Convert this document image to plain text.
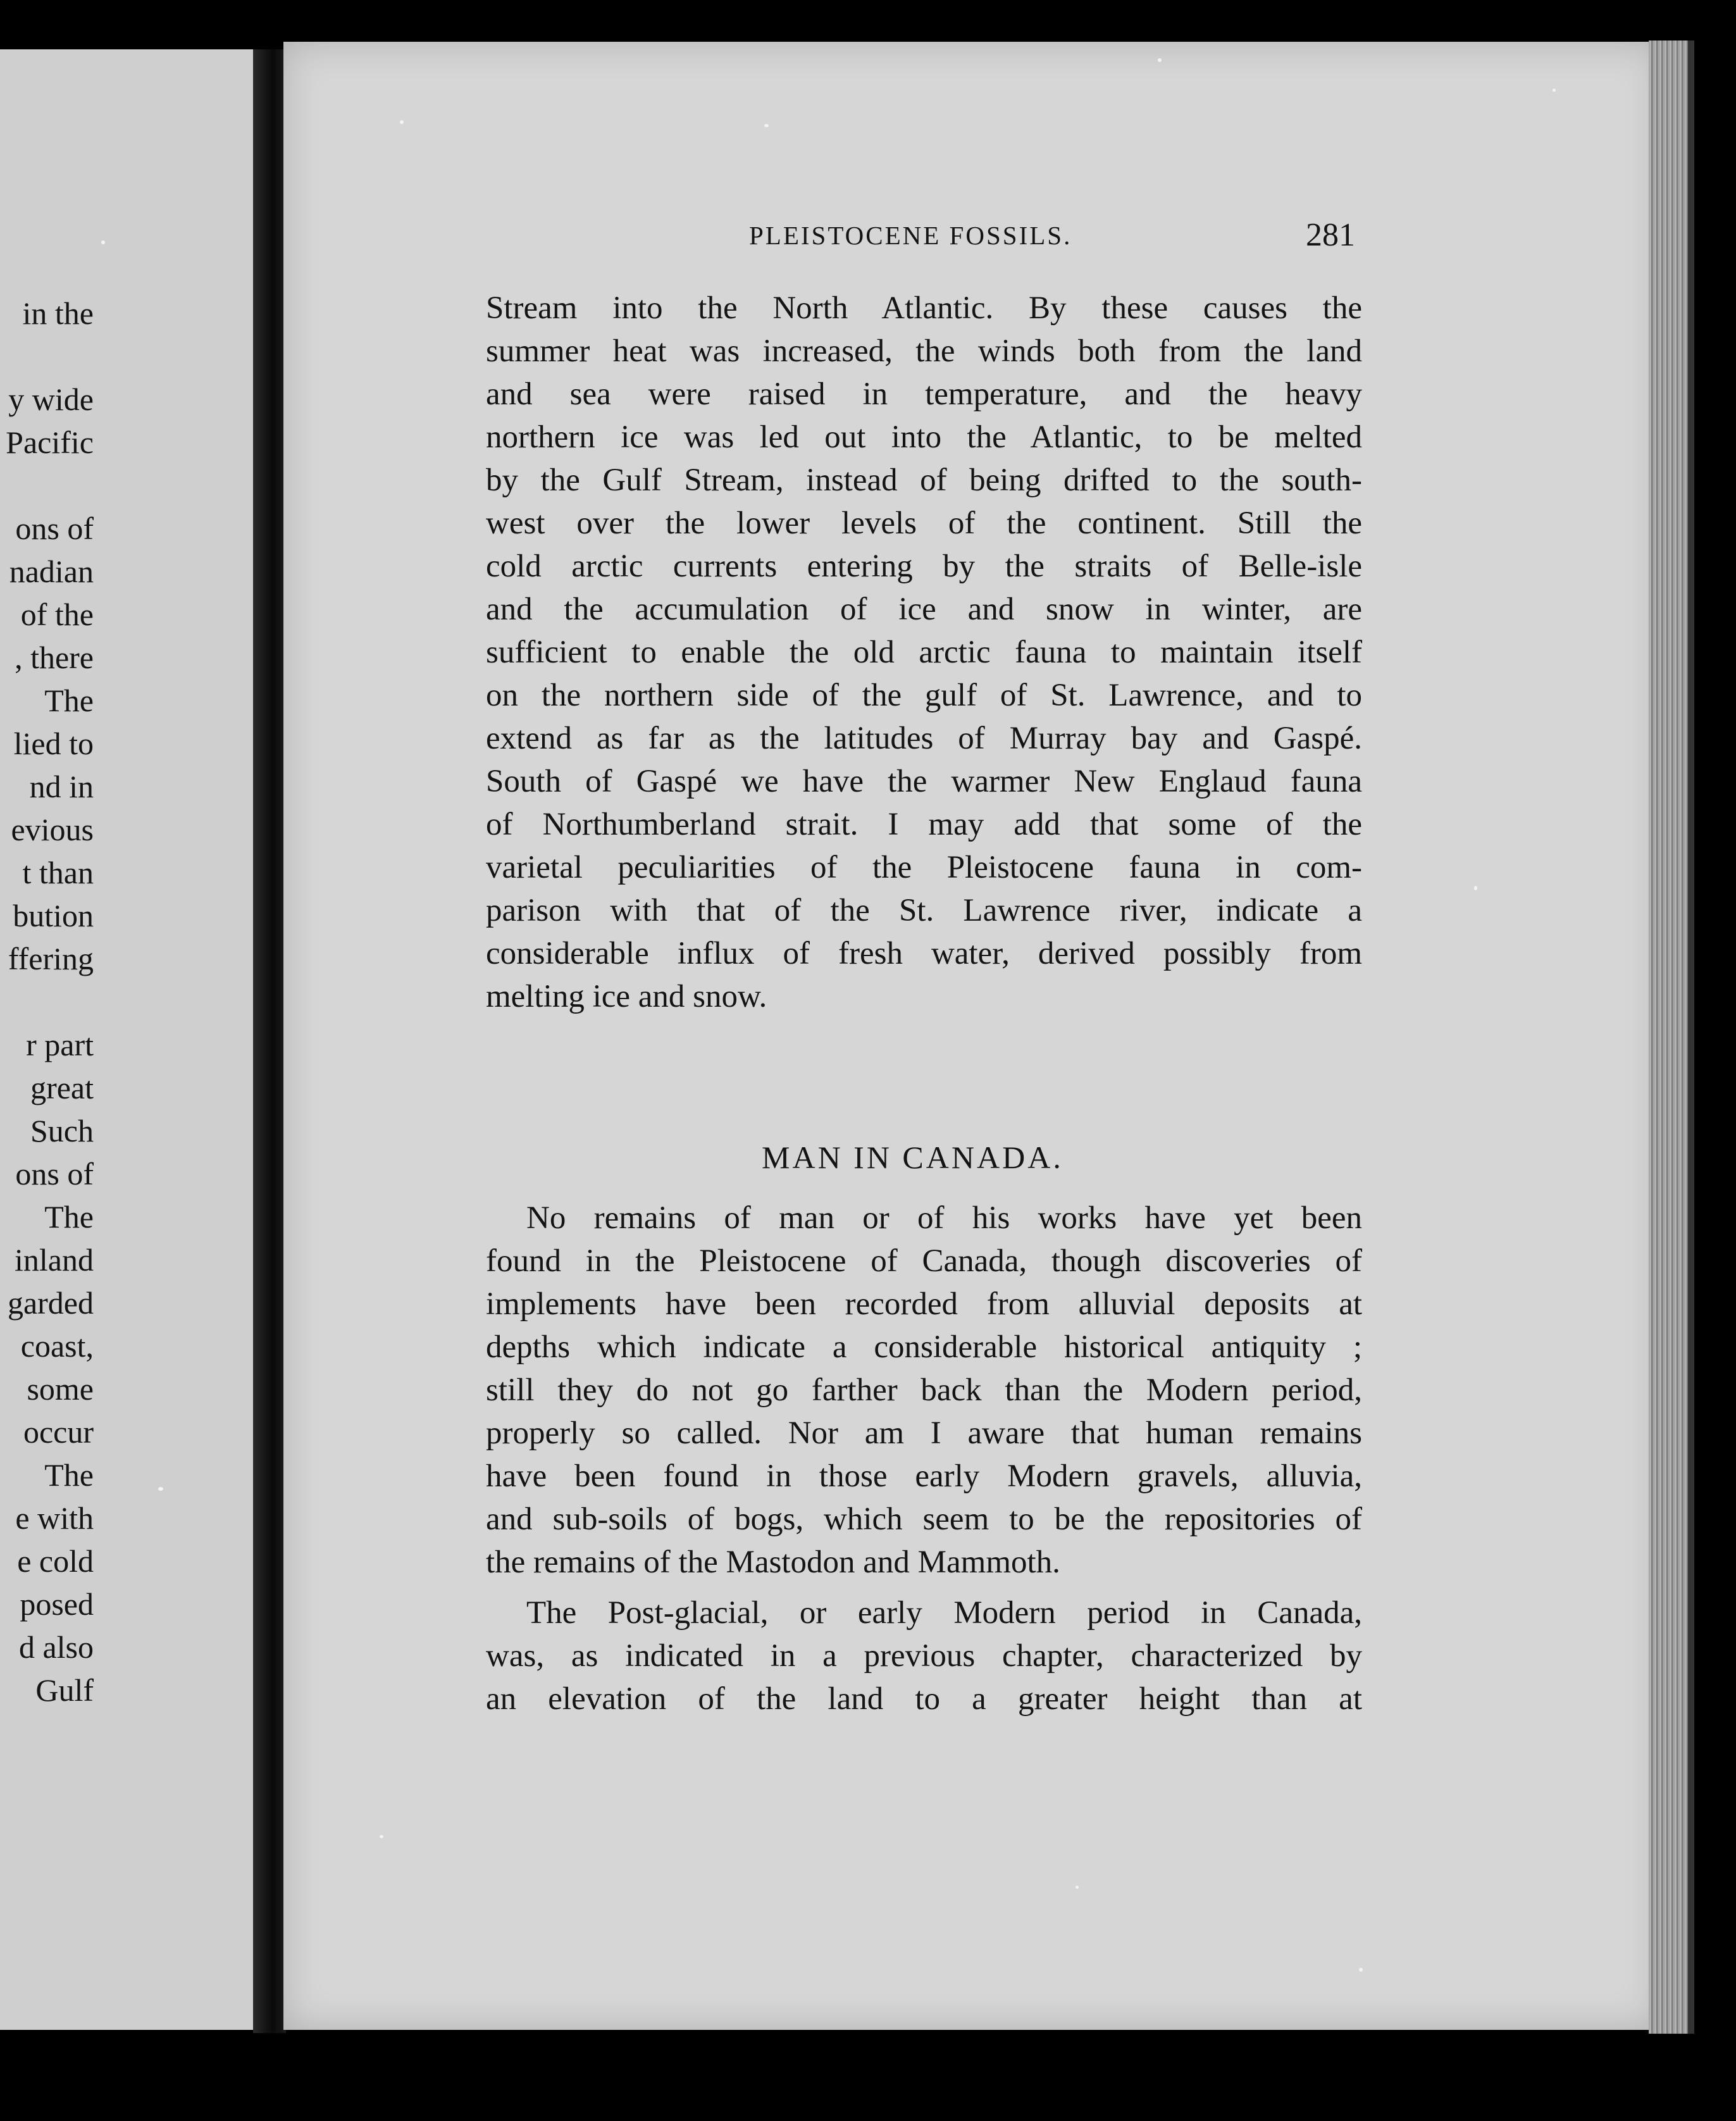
in the
y wide
Pacific
ons of
nadian
of the
, there
The
lied to
nd in
evious
t than
bution
ffering
r part
great
Such
ons of
The
inland
garded
coast,
some
occur
The
e with
e cold
posed
d also
Gulf
PLEISTOCENE FOSSILS.	281
Stream into the North Atlantic. By these causes the
summer heat was increased, the winds both from the land
and sea were raised in temperature, and the heavy
northern ice was led out into the Atlantic, to be melted
by the Gulf Stream, instead of being drifted to the south-
west over the lower levels of the continent. Still the
cold arctic currents entering by the straits of Belle-isle
and the accumulation of ice and snow in winter, are
sufficient to enable the old arctic fauna to maintain itself
on the northern side of the gulf of St. Lawrence, and to
extend as far as the latitudes of Murray bay and Gaspé.
South of Gaspé we have the warmer New Englaud fauna
of Northumberland strait. I may add that some of the
varietal peculiarities of the Pleistocene fauna in com-
parison with that of the St. Lawrence river, indicate a
considerable influx of fresh water, derived possibly from
melting ice and snow.
MAN IN CANADA.
No remains of man or of his works have yet been
found in the Pleistocene of Canada, though discoveries of
implements have been recorded from alluvial deposits at
depths which indicate a considerable historical antiquity ;
still they do not go farther back than the Modern period,
properly so called. Nor am I aware that human remains
have been found in those early Modern gravels, alluvia,
and sub-soils of bogs, which seem to be the repositories of
the remains of the Mastodon and Mammoth.
The Post-glacial, or early Modern period in Canada,
was, as indicated in a previous chapter, characterized by
an elevation of the land to a greater height than at
